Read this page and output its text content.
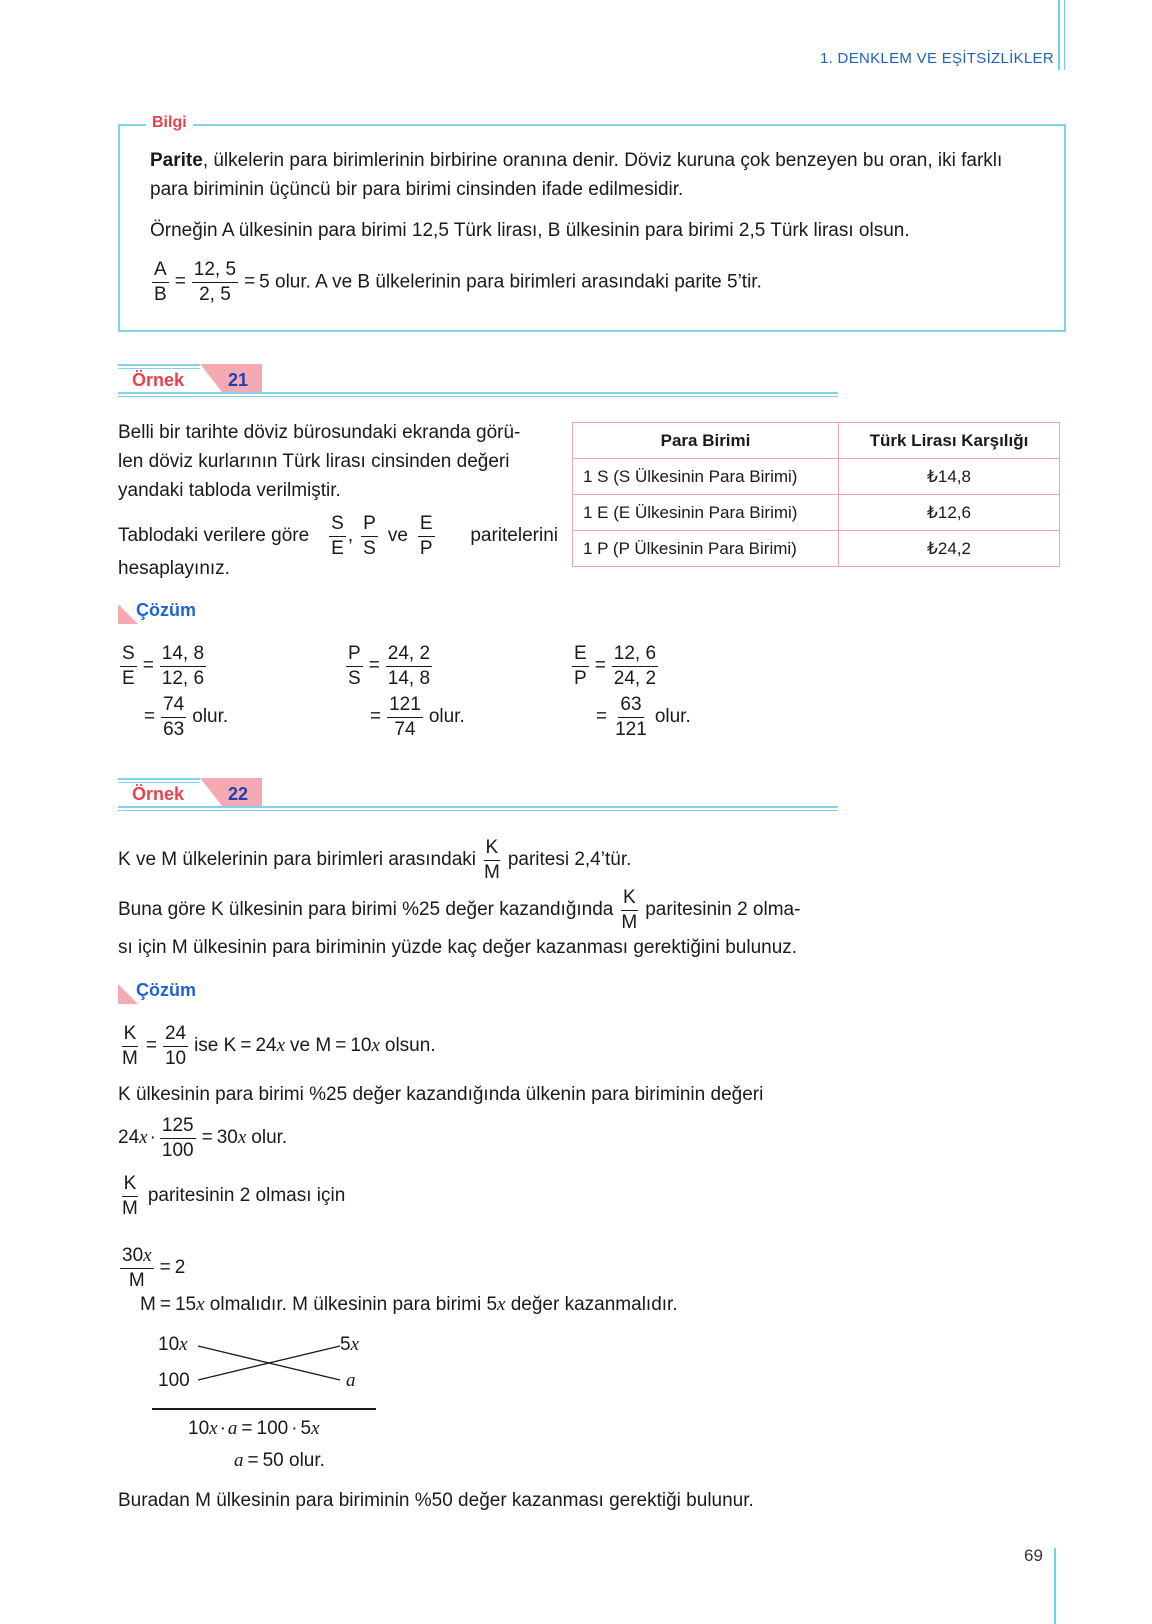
1. DENKLEM VE EŞİTSİZLİKLER
Bilgi
Parite, ülkelerin para birimlerinin birbirine oranına denir. Döviz kuruna çok benzeyen bu oran, iki farklı para biriminin üçüncü bir para birimi cinsinden ifade edilmesidir.
Örneğin A ülkesinin para birimi 12,5 Türk lirası, B ülkesinin para birimi 2,5 Türk lirası olsun.
$\frac{A}{B} = \frac{12, 5}{2, 5} = 5$ olur. A ve B ülkelerinin para birimleri arasındaki parite 5’tir.
Örnek 21
Belli bir tarihte döviz bürosundaki ekranda görü-
len döviz kurlarının Türk lirası cinsinden değeri
yandaki tabloda verilmiştir.
Tablodaki verilere göre $\frac{S}{E}$ , $\frac{P}{S}$ ve $\frac{E}{P}$ paritelerini
hesaplayınız.
Para Birimi	Türk Lirası Karşılığı
1 S (S Ülkesinin Para Birimi)	₺14,8
1 E (E Ülkesinin Para Birimi)	₺12,6
1 P (P Ülkesinin Para Birimi)	₺24,2
Çözüm
$\frac{S}{E} = \frac{14, 8}{12, 6}$
= $\frac{74}{63}$ olur.
$\frac{P}{S} = \frac{24, 2}{14, 8}$
= $\frac{121}{74}$ olur.
$\frac{E}{P} = \frac{12, 6}{24, 2}$
= $\frac{63}{121}$ olur.
Örnek 22
K ve M ülkelerinin para birimleri arasındaki $\frac{K}{M}$ paritesi 2,4’tür.
Buna göre K ülkesinin para birimi %25 değer kazandığında $\frac{K}{M}$ paritesinin 2 olma-
sı için M ülkesinin para biriminin yüzde kaç değer kazanması gerektiğini bulunuz.
Çözüm
$\frac{K}{M} = \frac{24}{10}$ ise K = 24 x ve M = 10 x olsun.
K ülkesinin para birimi %25 değer kazandığında ülkenin para biriminin değeri
24 $x \cdot \frac{125}{100} = 30$ x olur.
$\frac{K}{M}$ paritesinin 2 olması için
$\frac{30x}{M} = 2$
M = 15x olmalıdır. M ülkesinin para birimi 5x değer kazanmalıdır.
10x	5x
100	a
10x · a = 100 · 5x
a = 50 olur.
Buradan M ülkesinin para biriminin %50 değer kazanması gerektiği bulunur.
69
